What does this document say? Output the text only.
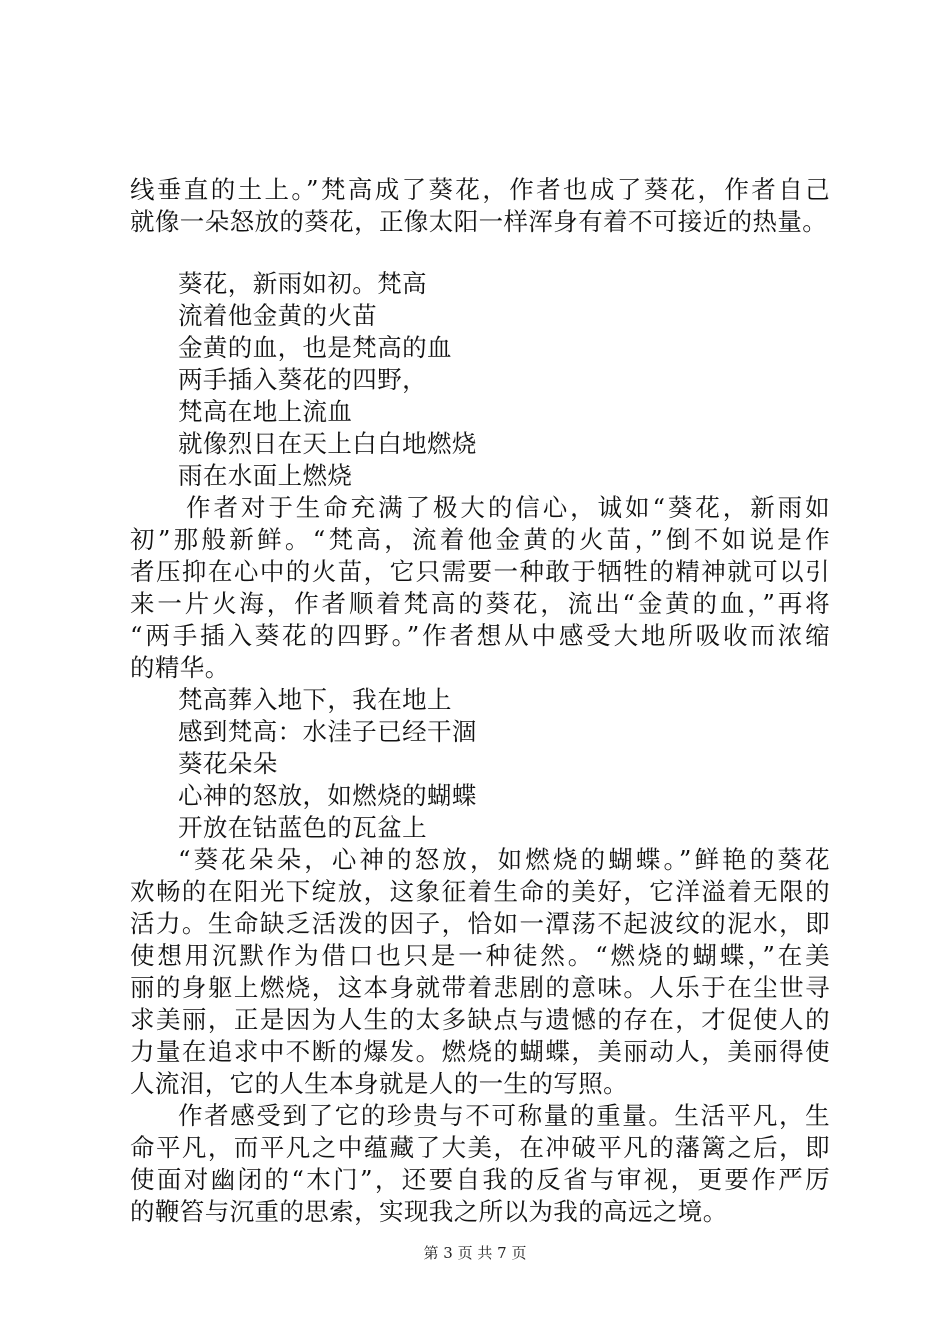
线垂直的土上。”梵高成了葵花，作者也成了葵花，作者自己
就像一朵怒放的葵花，正像太阳一样浑身有着不可接近的热量。
葵花，新雨如初。梵高
流着他金黄的火苗
金黄的血，也是梵高的血
两手插入葵花的四野，
梵高在地上流血
就像烈日在天上白白地燃烧
雨在水面上燃烧
作者对于生命充满了极大的信心，诚如“葵花，新雨如
初”那般新鲜。“梵高，流着他金黄的火苗，”倒不如说是作
者压抑在心中的火苗，它只需要一种敢于牺牲的精神就可以引
来一片火海，作者顺着梵高的葵花，流出“金黄的血，”再将
“两手插入葵花的四野。”作者想从中感受大地所吸收而浓缩
的精华。
梵高葬入地下，我在地上
感到梵高：水洼子已经干涸
葵花朵朵
心神的怒放，如燃烧的蝴蝶
开放在钴蓝色的瓦盆上
“葵花朵朵，心神的怒放，如燃烧的蝴蝶。”鲜艳的葵花
欢畅的在阳光下绽放，这象征着生命的美好，它洋溢着无限的
活力。生命缺乏活泼的因子，恰如一潭荡不起波纹的泥水，即
使想用沉默作为借口也只是一种徒然。“燃烧的蝴蝶，”在美
丽的身躯上燃烧，这本身就带着悲剧的意味。人乐于在尘世寻
求美丽，正是因为人生的太多缺点与遗憾的存在，才促使人的
力量在追求中不断的爆发。燃烧的蝴蝶，美丽动人，美丽得使
人流泪，它的人生本身就是人的一生的写照。
作者感受到了它的珍贵与不可称量的重量。生活平凡，生
命平凡，而平凡之中蕴藏了大美，在冲破平凡的藩篱之后，即
使面对幽闭的“木门”，还要自我的反省与审视，更要作严厉
的鞭笞与沉重的思索，实现我之所以为我的高远之境。
第 3 页 共 7 页
